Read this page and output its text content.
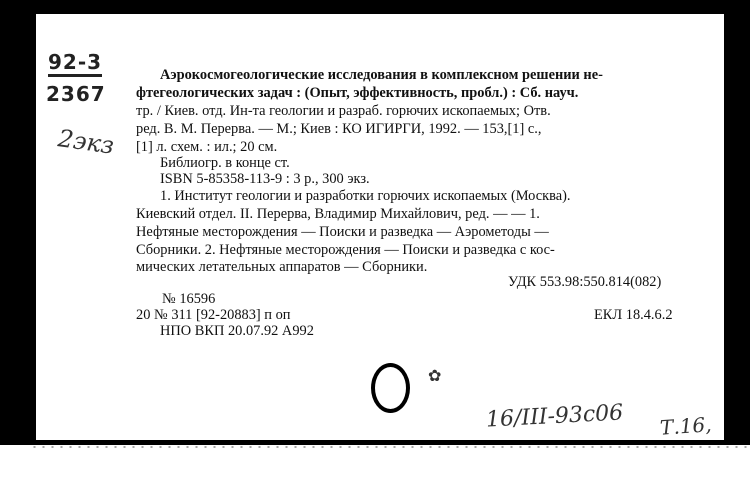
92-3
2367
2экз
Аэрокосмогеологические исследования в комплексном решении не-
фтегеологических задач : (Опыт, эффективность, пробл.) : Сб. науч.
тр. / Киев. отд. Ин-та геологии и разраб. горючих ископаемых; Отв.
ред. В. М. Перерва. — М.; Киев : КО ИГИРГИ, 1992. — 153,[1] с.,
[1] л. схем. : ил.; 20 см.
Библиогр. в конце ст.
ISBN 5-85358-113-9 : 3 р., 300 экз.
1. Институт геологии и разработки горючих ископаемых (Москва).
Киевский отдел. II. Перерва, Владимир Михайлович, ред. — — 1.
Нефтяные месторождения — Поиски и разведка — Аэрометоды —
Сборники. 2. Нефтяные месторождения — Поиски и разведка с кос-
мических летательных аппаратов — Сборники.
УДК 553.98:550.814(082)
№ 16596
20 № 311 [92-20883] п оп	ЕКЛ 18.4.6.2
НПО ВКП 20.07.92 А992
✿
16/III-93с06 Т.16,
